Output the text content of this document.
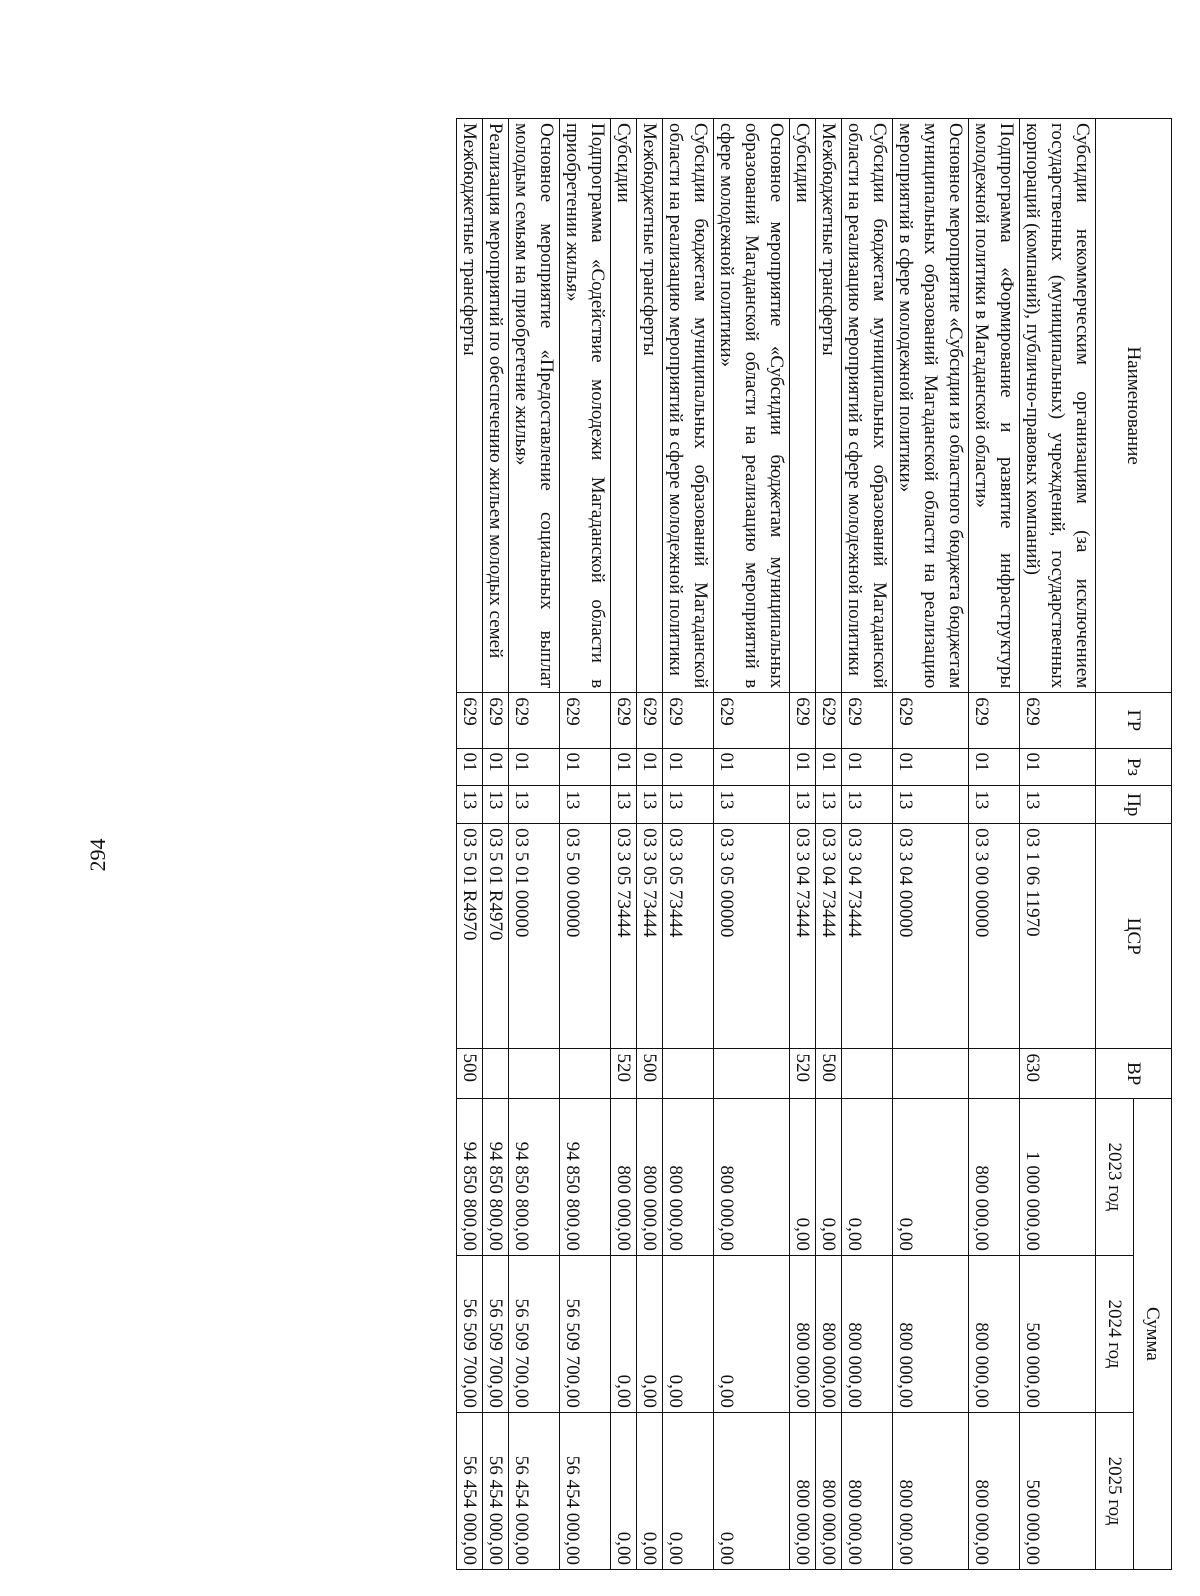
294
Наименование	ГР	Рз	Пр	ЦСР	ВР	Сумма		
						2023 год	2024 год	2025 год
Субсидии некоммерческим организациям (за исключением государственных (муниципальных) учреждений, государственных корпораций (компаний), публично-правовых компаний)	629	01	13	03 1 06 11970	630	1 000 000,00	500 000,00	500 000,00
Подпрограмма «Формирование и развитие инфраструктуры молодежной политики в Магаданской области»	629	01	13	03 3 00 00000		800 000,00	800 000,00	800 000,00
Основное мероприятие «Субсидии из областного бюджета бюджетам муниципальных образований Магаданской области на реализацию мероприятий в сфере молодежной политики»	629	01	13	03 3 04 00000		0,00	800 000,00	800 000,00
Субсидии бюджетам муниципальных образований Магаданской области на реализацию мероприятий в сфере молодежной политики	629	01	13	03 3 04 73444		0,00	800 000,00	800 000,00
Межбюджетные трансферты	629	01	13	03 3 04 73444	500	0,00	800 000,00	800 000,00
Субсидии	629	01	13	03 3 04 73444	520	0,00	800 000,00	800 000,00
Основное мероприятие «Субсидии бюджетам муниципальных образований Магаданской области на реализацию мероприятий в сфере молодежной политики»	629	01	13	03 3 05 00000		800 000,00	0,00	0,00
Субсидии бюджетам муниципальных образований Магаданской области на реализацию мероприятий в сфере молодежной политики	629	01	13	03 3 05 73444		800 000,00	0,00	0,00
Межбюджетные трансферты	629	01	13	03 3 05 73444	500	800 000,00	0,00	0,00
Субсидии	629	01	13	03 3 05 73444	520	800 000,00	0,00	0,00
Подпрограмма «Содействие молодежи Магаданской области в приобретении жилья»	629	01	13	03 5 00 00000		94 850 800,00	56 509 700,00	56 454 000,00
Основное мероприятие «Предоставление социальных выплат молодым семьям на приобретение жилья»	629	01	13	03 5 01 00000		94 850 800,00	56 509 700,00	56 454 000,00
Реализация мероприятий по обеспечению жильем молодых семей	629	01	13	03 5 01 R4970		94 850 800,00	56 509 700,00	56 454 000,00
Межбюджетные трансферты	629	01	13	03 5 01 R4970	500	94 850 800,00	56 509 700,00	56 454 000,00
